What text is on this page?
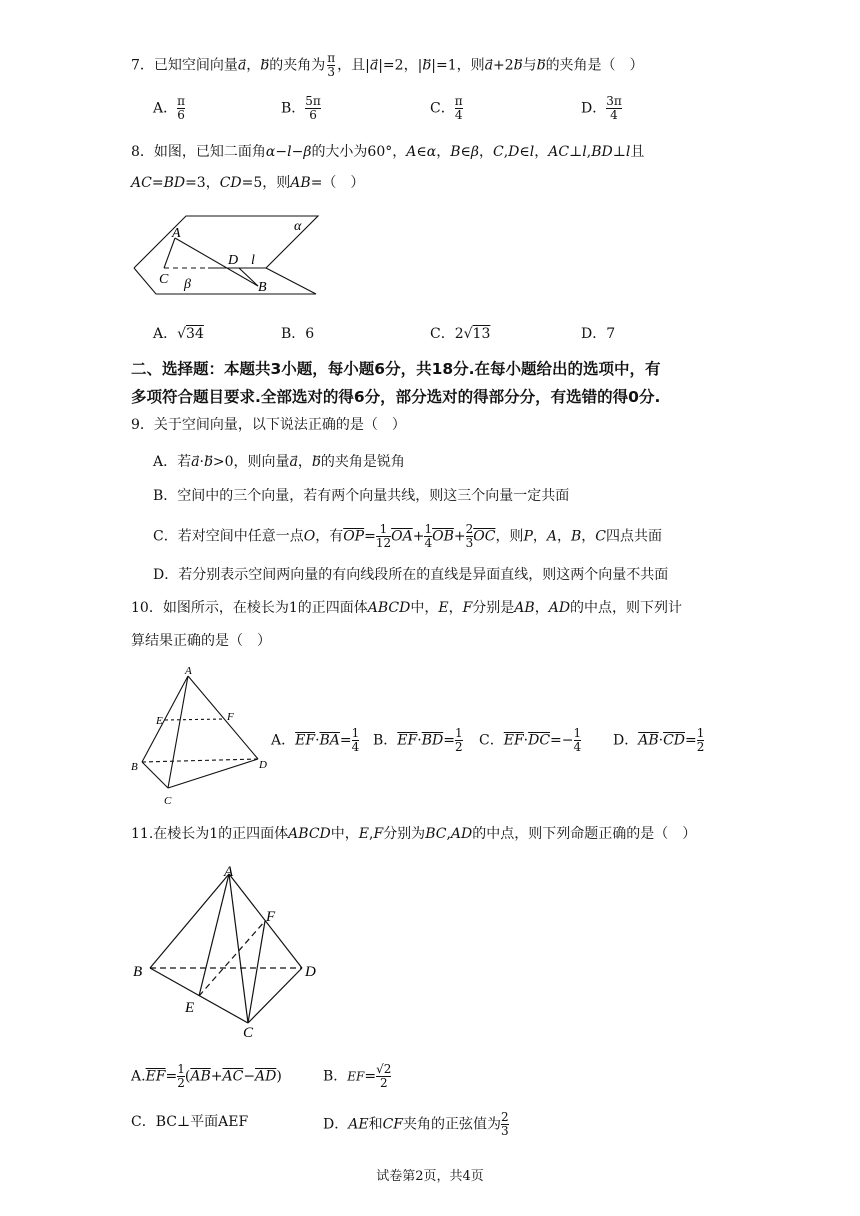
7．已知空间向量a⃗，b⃗的夹角为 $\frac{\pi}{3}$ ，且|a⃗|=2，|b⃗|=1，则a⃗+2b⃗与b⃗的夹角是（　）
A． $\frac{\pi}{6}$	B． $\frac{5\pi}{6}$	C． $\frac{\pi}{4}$	D． $\frac{3\pi}{4}$
8．如图，已知二面角α−l−β的大小为60°，A∈α，B∈β，C,D∈l，AC⊥l,BD⊥l且
AC=BD=3，CD=5，则AB=（　）
A
C
D l
B
α
β
A．√34	B．6	C．2√13	D．7
二、选择题：本题共3小题，每小题6分，共18分.在每小题给出的选项中，有
多项符合题目要求.全部选对的得6分，部分选对的得部分分，有选错的得0分.
9．关于空间向量，以下说法正确的是（　）
A．若a⃗·b⃗>0，则向量a⃗，b⃗的夹角是锐角
B．空间中的三个向量，若有两个向量共线，则这三个向量一定共面
C．若对空间中任意一点O，有$\overline{OP}= \frac{1}{12} \overline{OA}+ \frac{1}{4} \overline{OB}+ \frac{2}{3} \overline{OC}$，则P，A，B，C四点共面
D．若分别表示空间两向量的有向线段所在的直线是异面直线，则这两个向量不共面
10．如图所示，在棱长为1的正四面体ABCD中，E，F分别是AB，AD的中点，则下列计
算结果正确的是（　）
A
E	F
B	D
C
A．$\overline{EF}\cdot\overline{BA}= \frac{1}{4}$ B．$\overline{EF}\cdot\overline{BD}= \frac{1}{2}$ C．$\overline{EF}\cdot\overline{DC}=- \frac{1}{4}$ D．$\overline{AB}\cdot\overline{CD}= \frac{1}{2}$
11.在棱长为1的正四面体ABCD中，E,F分别为BC,AD的中点，则下列命题正确的是（　）
A
F
B	D
E
C
$A.\overline{EF}= \frac{1}{2} (\overline{AB}+\overline{AC}-\overline{AD})$	B．$EF= \frac{√2}{2}$
C．BC⊥平面AEF	D．AE和CF夹角的正弦值为 $\frac{2}{3}$
试卷第2页，共4页
